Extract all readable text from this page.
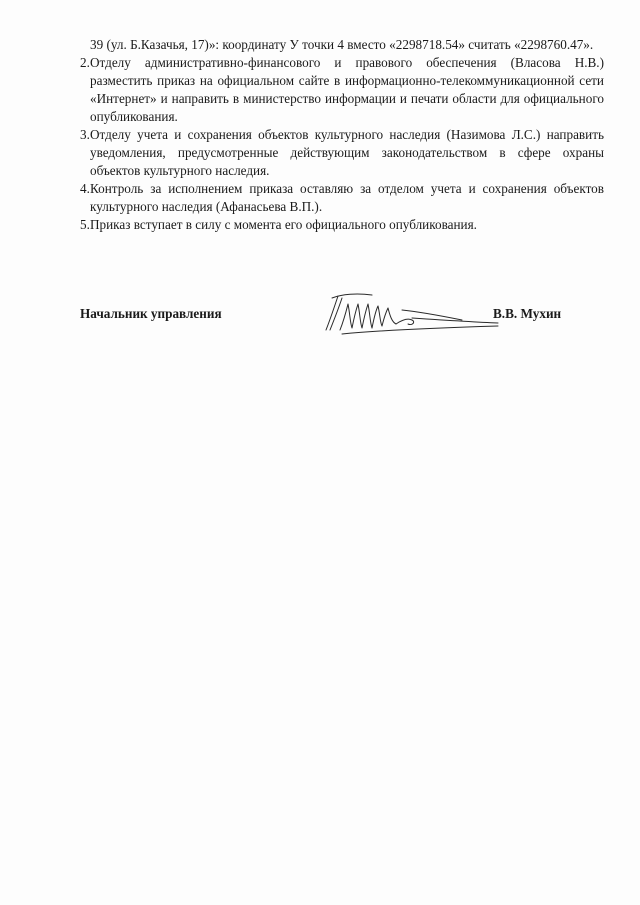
39 (ул. Б.Казачья, 17)»: координату У точки 4 вместо «2298718.54» считать «2298760.47».

2. Отделу административно-финансового и правового обеспечения (Власова Н.В.) разместить приказ на официальном сайте в информационно-телекоммуникационной сети «Интернет» и направить в министерство информации и печати области для официального опубликования.
3. Отделу учета и сохранения объектов культурного наследия (Назимова Л.С.) направить уведомления, предусмотренные действующим законодательством в сфере охраны объектов культурного наследия.
4. Контроль за исполнением приказа оставляю за отделом учета и сохранения объектов культурного наследия (Афанасьева В.П.).
5. Приказ вступает в силу с момента его официального опубликования.
Начальник управления	В.В. Мухин
